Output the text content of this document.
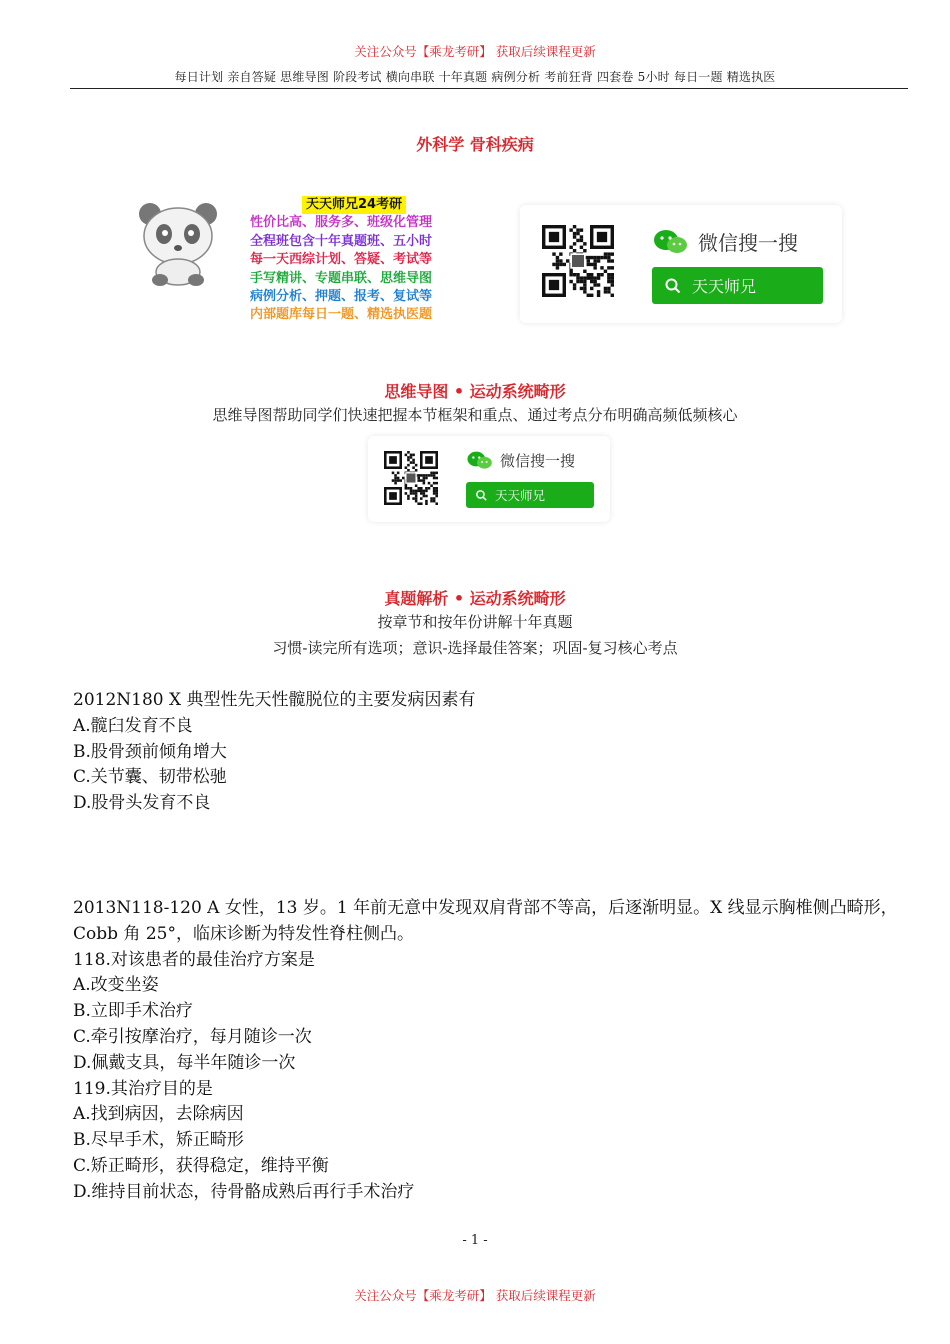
关注公众号【乘龙考研】 获取后续课程更新
每日计划 亲自答疑 思维导图 阶段考试 横向串联 十年真题 病例分析 考前狂背 四套卷 5小时 每日一题 精选执医
外科学 骨科疾病
天天师兄24考研
性价比高、服务多、班级化管理
全程班包含十年真题班、五小时
每一天西综计划、答疑、考试等
手写精讲、专题串联、思维导图
病例分析、押题、报考、复试等
内部题库每日一题、精选执医题
微信搜一搜
天天师兄
思维导图 • 运动系统畸形
思维导图帮助同学们快速把握本节框架和重点、通过考点分布明确高频低频核心
微信搜一搜
天天师兄
真题解析 • 运动系统畸形
按章节和按年份讲解十年真题
习惯-读完所有选项；意识-选择最佳答案；巩固-复习核心考点

2012N180 X 典型性先天性髋脱位的主要发病因素有

A.髋臼发育不良

B.股骨颈前倾角增大

C.关节囊、韧带松驰

D.股骨头发育不良

2013N118-120 A 女性，13 岁。1 年前无意中发现双肩背部不等高，后逐渐明显。X 线显示胸椎侧凸畸形，Cobb 角 25°，临床诊断为特发性脊柱侧凸。

118.对该患者的最佳治疗方案是

A.改变坐姿

B.立即手术治疗

C.牵引按摩治疗，每月随诊一次

D.佩戴支具，每半年随诊一次

119.其治疗目的是

A.找到病因，去除病因

B.尽早手术，矫正畸形

C.矫正畸形，获得稳定，维持平衡

D.维持目前状态，待骨骼成熟后再行手术治疗

- 1 -
关注公众号【乘龙考研】 获取后续课程更新
